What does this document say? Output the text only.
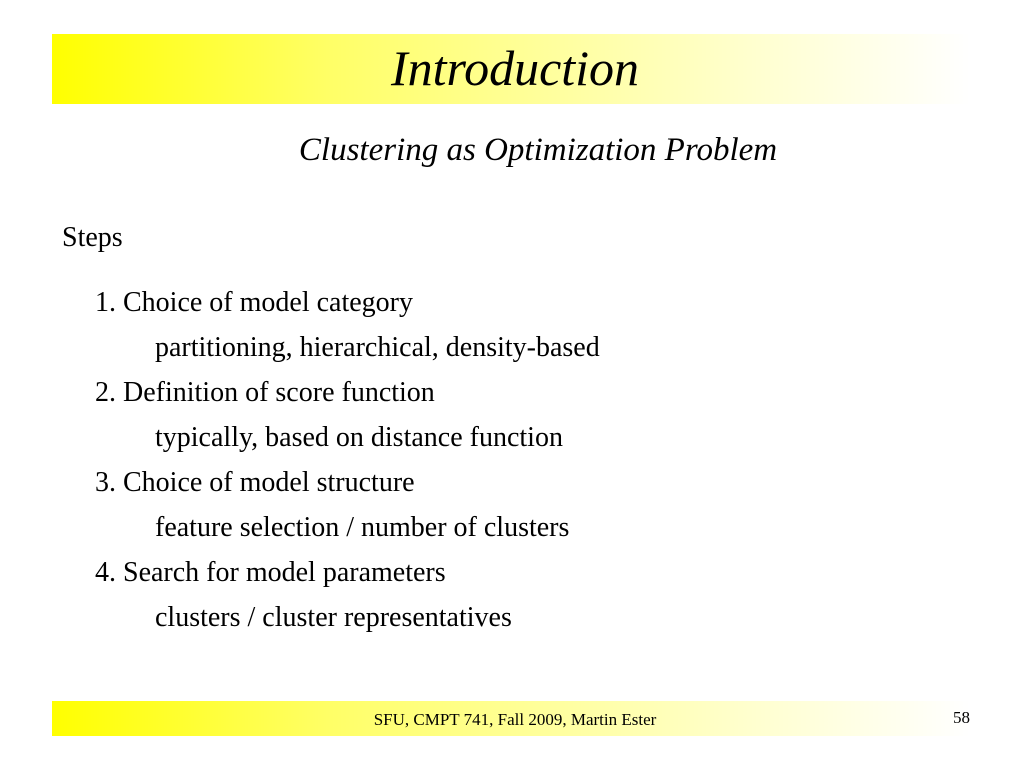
Introduction
Clustering as Optimization Problem
Steps
1. Choice of model category
partitioning, hierarchical, density-based
2. Definition of score function
typically, based on distance function
3. Choice of model structure
feature selection / number of clusters
4. Search for model parameters
clusters / cluster representatives
SFU, CMPT 741, Fall 2009, Martin Ester	58
